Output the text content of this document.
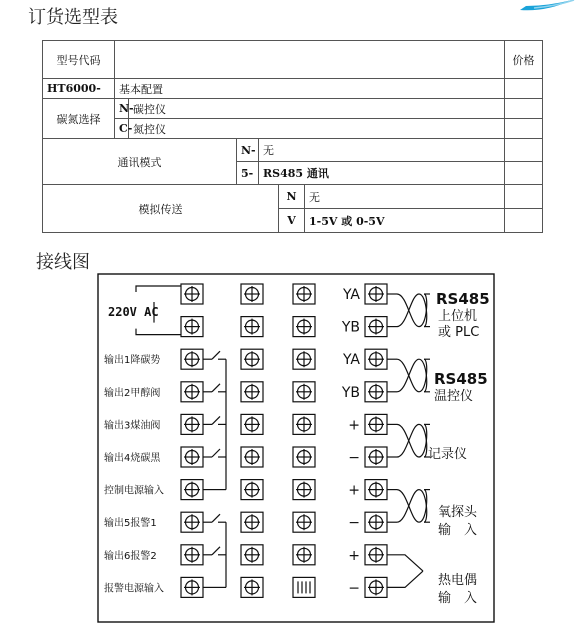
订货选型表
型号代码							价格
HT6000-	基本配置						
碳氮选择	N-	碳控仪					
	C-	氮控仪					
通讯模式			N-	无			
			5-	RS485 通讯			
模拟传送					N	无	
					V	1-5V 或 0-5V	
接线图
220V AC
输出1降碳势
输出2甲醇阀
输出3煤油阀
输出4烧碳黑
控制电源输入
输出5报警1
输出6报警2
报警电源输入
YA
YB
YA
YB
+
−
+
−
+
−
RS485
上位机
或 PLC
RS485
温控仪
记录仪
氧探头
输　入
热电偶
输　入
